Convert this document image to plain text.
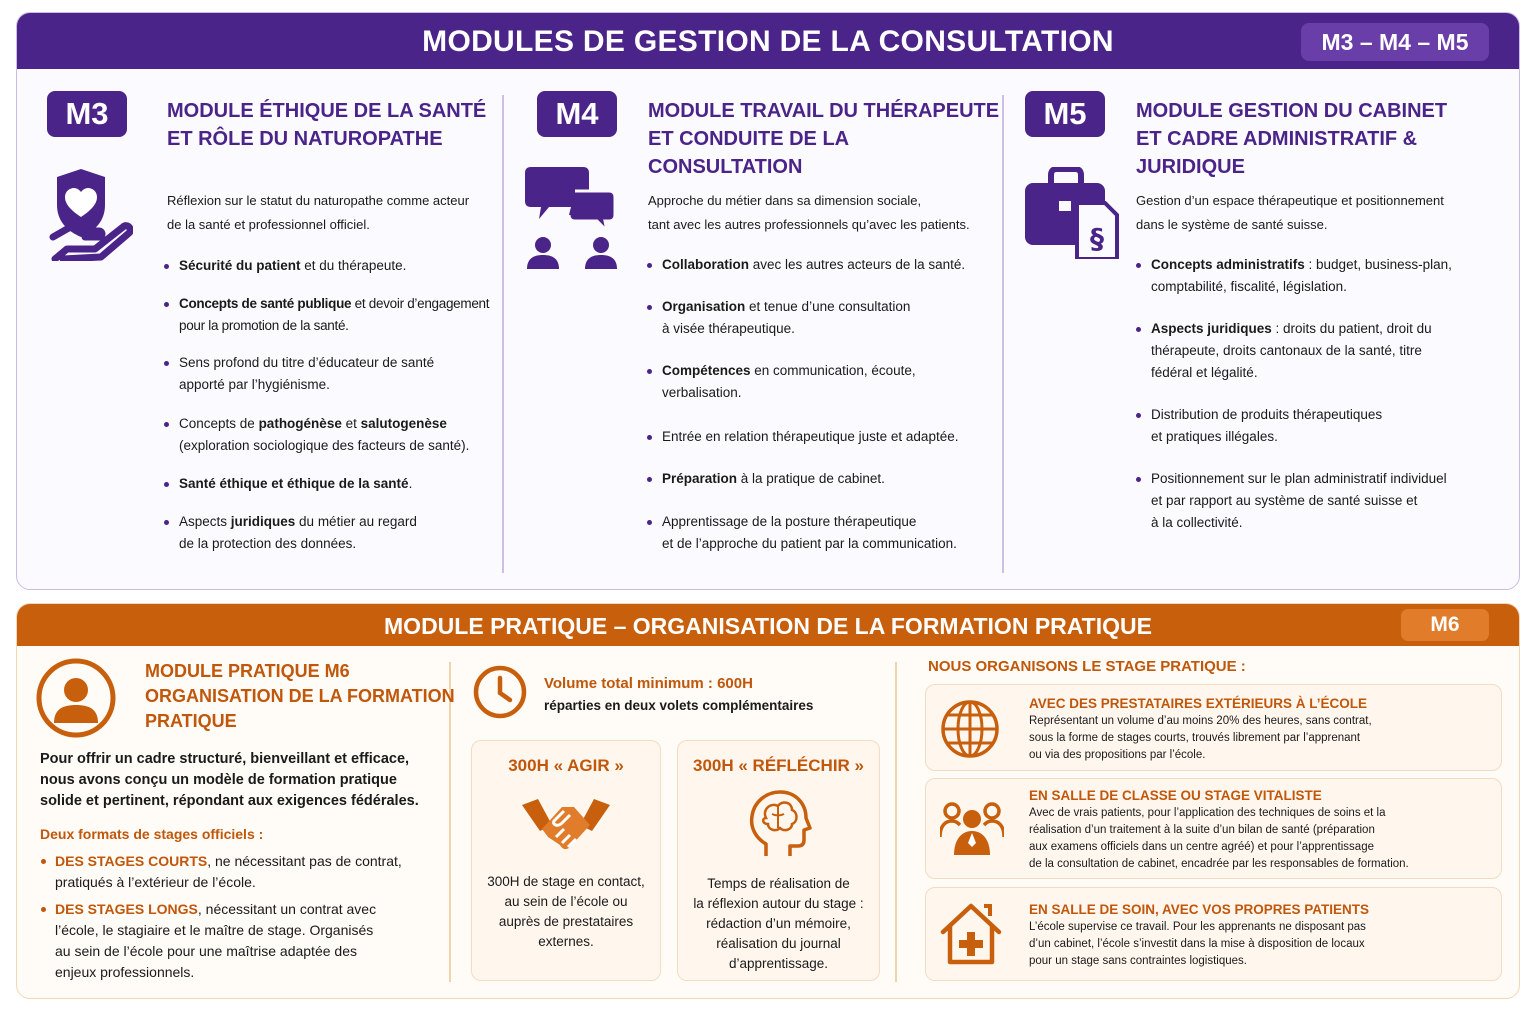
MODULES DE GESTION DE LA CONSULTATION	M3 – M4 – M5
M3	MODULE ÉTHIQUE DE LA SANTÉ
ET RÔLE DU NATUROPATHE
Réflexion sur le statut du naturopathe comme acteur
de la santé et professionnel officiel.
Sécurité du patient et du thérapeute.
Concepts de santé publique et devoir d’engagement
pour la promotion de la santé.
Sens profond du titre d’éducateur de santé
apporté par l’hygiénisme.
Concepts de pathogénèse et salutogenèse
(exploration sociologique des facteurs de santé).
Santé éthique et éthique de la santé.
Aspects juridiques du métier au regard
de la protection des données.
M4	MODULE TRAVAIL DU THÉRAPEUTE
ET CONDUITE DE LA CONSULTATION
Approche du métier dans sa dimension sociale,
tant avec les autres professionnels qu’avec les patients.
Collaboration avec les autres acteurs de la santé.
Organisation et tenue d’une consultation
à visée thérapeutique.
Compétences en communication, écoute,
verbalisation.
Entrée en relation thérapeutique juste et adaptée.
Préparation à la pratique de cabinet.
Apprentissage de la posture thérapeutique
et de l’approche du patient par la communication.
M5	MODULE GESTION DU CABINET
ET CADRE ADMINISTRATIF & JURIDIQUE
§
Gestion d’un espace thérapeutique et positionnement
dans le système de santé suisse.
Concepts administratifs : budget, business-plan,
comptabilité, fiscalité, législation.
Aspects juridiques : droits du patient, droit du
thérapeute, droits cantonaux de la santé, titre
fédéral et légalité.
Distribution de produits thérapeutiques
et pratiques illégales.
Positionnement sur le plan administratif individuel
et par rapport au système de santé suisse et
à la collectivité.
MODULE PRATIQUE – ORGANISATION DE LA FORMATION PRATIQUE	M6
MODULE PRATIQUE M6
ORGANISATION DE LA FORMATION
PRATIQUE
Pour offrir un cadre structuré, bienveillant et efficace,
nous avons conçu un modèle de formation pratique
solide et pertinent, répondant aux exigences fédérales.
Deux formats de stages officiels :
DES STAGES COURTS, ne nécessitant pas de contrat,
pratiqués à l’extérieur de l’école.
DES STAGES LONGS, nécessitant un contrat avec
l’école, le stagiaire et le maître de stage. Organisés
au sein de l’école pour une maîtrise adaptée des
enjeux professionnels.
Volume total minimum : 600H
réparties en deux volets complémentaires
300H « AGIR »
300H de stage en contact,
au sein de l’école ou
auprès de prestataires
externes.
300H « RÉFLÉCHIR »
Temps de réalisation de
la réflexion autour du stage :
rédaction d’un mémoire,
réalisation du journal
d’apprentissage.
NOUS ORGANISONS LE STAGE PRATIQUE :
AVEC DES PRESTATAIRES EXTÉRIEURS À L’ÉCOLE
Représentant un volume d’au moins 20% des heures, sans contrat,
sous la forme de stages courts, trouvés librement par l’apprenant
ou via des propositions par l’école.
EN SALLE DE CLASSE OU STAGE VITALISTE
Avec de vrais patients, pour l’application des techniques de soins et la
réalisation d’un traitement à la suite d’un bilan de santé (préparation
aux examens officiels dans un centre agréé) et pour l’apprentissage
de la consultation de cabinet, encadrée par les responsables de formation.
EN SALLE DE SOIN, AVEC VOS PROPRES PATIENTS
L’école supervise ce travail. Pour les apprenants ne disposant pas
d’un cabinet, l’école s’investit dans la mise à disposition de locaux
pour un stage sans contraintes logistiques.
